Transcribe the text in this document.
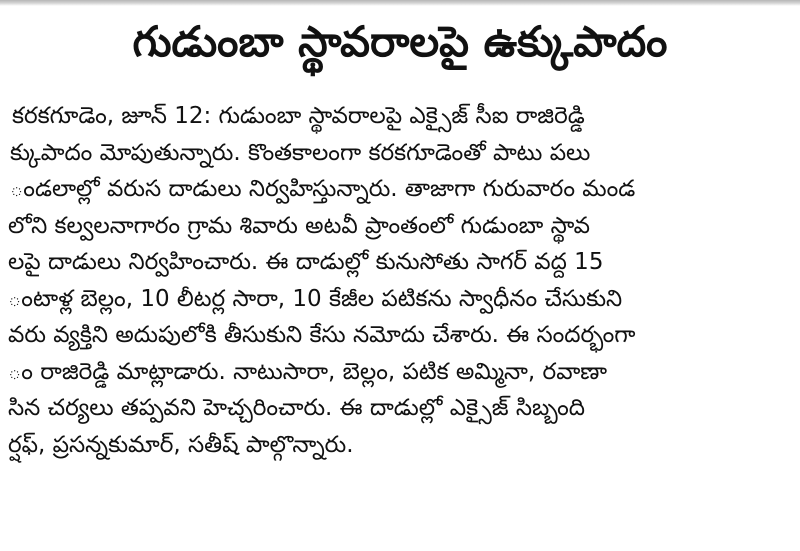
గుడుంబా స్థావరాలపై ఉక్కుపాదం
కరకగూడెం, జూన్ 12: గుడుంబా స్థావరాలపై ఎక్సైజ్ సీఐ రాజిరెడ్డి
క్కుపాదం మోపుతున్నారు. కొంతకాలంగా కరకగూడెంతో పాటు పలు
ండలాల్లో వరుస దాడులు నిర్వహిస్తున్నారు. తాజాగా గురువారం మండ
లోని కల్వలనాగారం గ్రామ శివారు అటవీ ప్రాంతంలో గుడుంబా స్థావ
లపై దాడులు నిర్వహించారు. ఈ దాడుల్లో కునుసోతు సాగర్ వద్ద 15
ంటాళ్ల బెల్లం, 10 లీటర్ల సారా, 10 కేజీల పటికను స్వాధీనం చేసుకుని
వరు వ్యక్తిని అదుపులోకి తీసుకుని కేసు నమోదు చేశారు. ఈ సందర్భంగా
ం రాజిరెడ్డి మాట్లాడారు. నాటుసారా, బెల్లం, పటిక అమ్మినా, రవాణా
సిన చర్యలు తప్పవని హెచ్చరించారు. ఈ దాడుల్లో ఎక్సైజ్ సిబ్బంది
ర్షఫ్, ప్రసన్నకుమార్, సతీష్ పాల్గొన్నారు.
